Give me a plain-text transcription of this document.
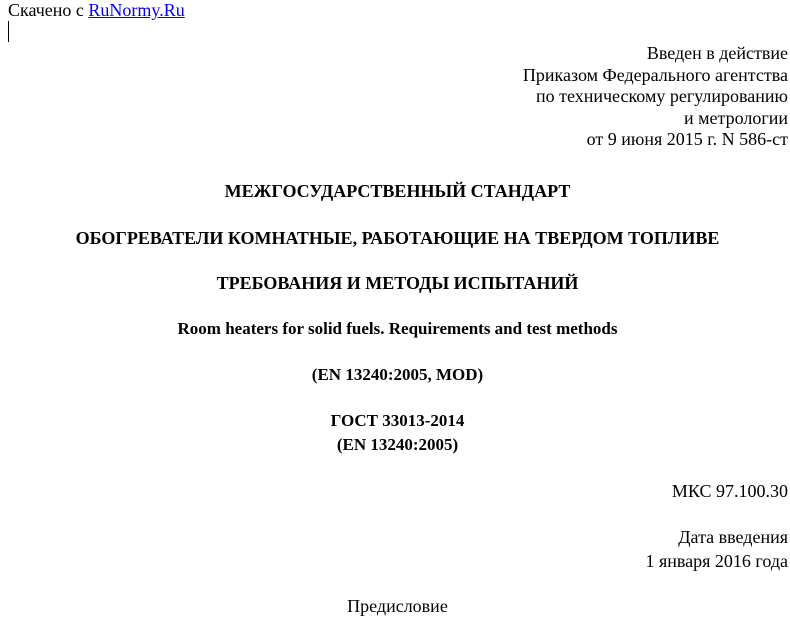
Скачено с RuNormy.Ru
Введен в действие
Приказом Федерального агентства
по техническому регулированию
и метрологии
от 9 июня 2015 г. N 586-ст
МЕЖГОСУДАРСТВЕННЫЙ СТАНДАРТ
ОБОГРЕВАТЕЛИ КОМНАТНЫЕ, РАБОТАЮЩИЕ НА ТВЕРДОМ ТОПЛИВЕ
ТРЕБОВАНИЯ И МЕТОДЫ ИСПЫТАНИЙ
Room heaters for solid fuels. Requirements and test methods
(EN 13240:2005, MOD)
ГОСТ 33013-2014
(EN 13240:2005)
МКС 97.100.30
Дата введения
1 января 2016 года
Предисловие
